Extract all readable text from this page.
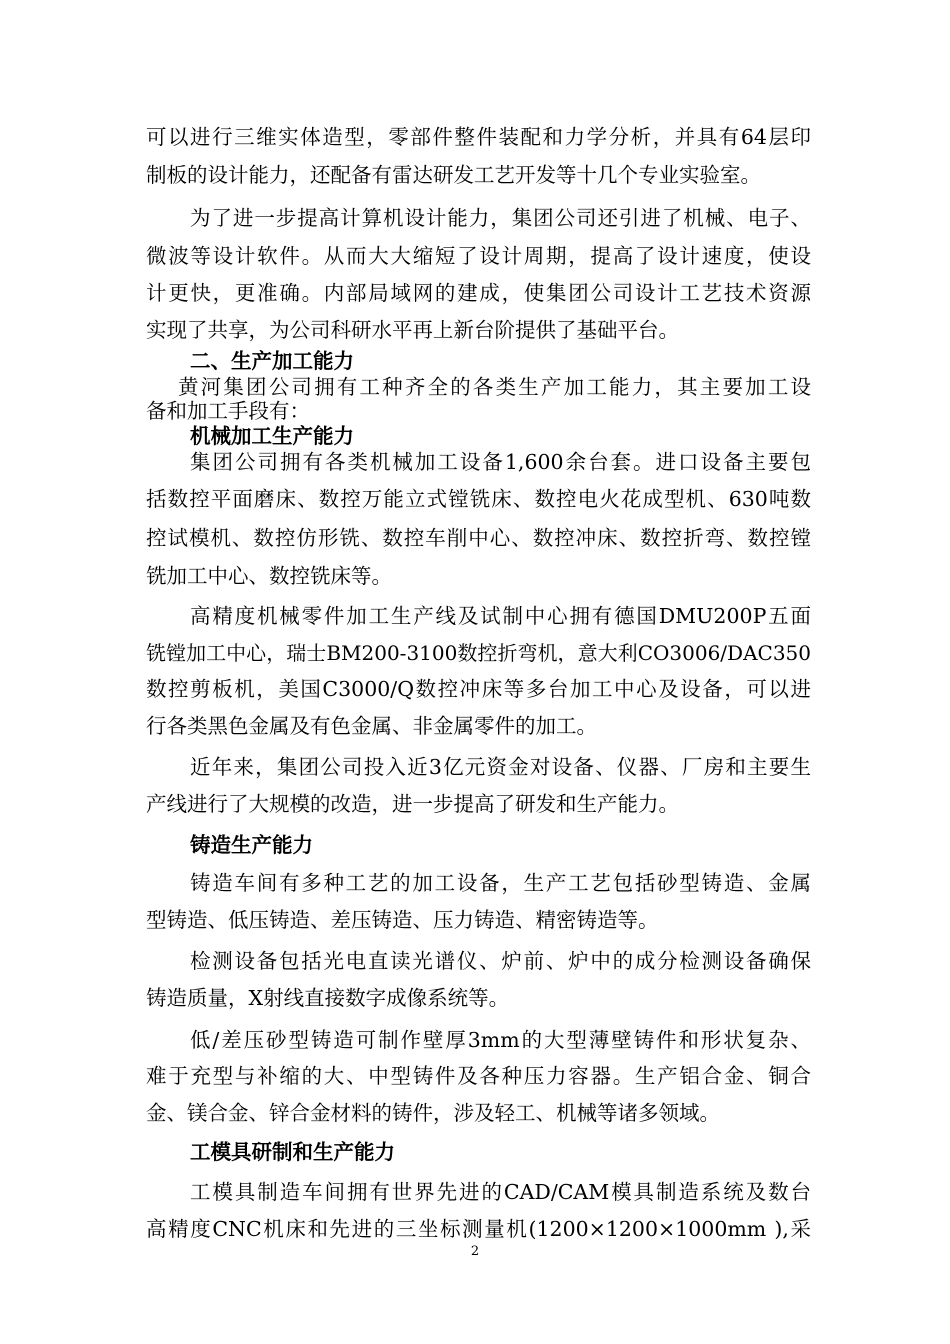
可以进行三维实体造型，零部件整件装配和力学分析，并具有64层印
制板的设计能力，还配备有雷达研发工艺开发等十几个专业实验室。
为了进一步提高计算机设计能力，集团公司还引进了机械、电子、
微波等设计软件。从而大大缩短了设计周期，提高了设计速度，使设
计更快，更准确。内部局域网的建成，使集团公司设计工艺技术资源
实现了共享，为公司科研水平再上新台阶提供了基础平台。
二、生产加工能力
黄河集团公司拥有工种齐全的各类生产加工能力，其主要加工设
备和加工手段有：
机械加工生产能力
集团公司拥有各类机械加工设备1,600余台套。进口设备主要包
括数控平面磨床、数控万能立式镗铣床、数控电火花成型机、630吨数
控试模机、数控仿形铣、数控车削中心、数控冲床、数控折弯、数控镗
铣加工中心、数控铣床等。
高精度机械零件加工生产线及试制中心拥有德国DMU200P五面
铣镗加工中心，瑞士BM200-3100数控折弯机，意大利CO3006/DAC350
数控剪板机，美国C3000/Q数控冲床等多台加工中心及设备，可以进
行各类黑色金属及有色金属、非金属零件的加工。
近年来，集团公司投入近3亿元资金对设备、仪器、厂房和主要生
产线进行了大规模的改造，进一步提高了研发和生产能力。
铸造生产能力
铸造车间有多种工艺的加工设备，生产工艺包括砂型铸造、金属
型铸造、低压铸造、差压铸造、压力铸造、精密铸造等。
检测设备包括光电直读光谱仪、炉前、炉中的成分检测设备确保
铸造质量，X射线直接数字成像系统等。
低/差压砂型铸造可制作壁厚3mm的大型薄壁铸件和形状复杂、
难于充型与补缩的大、中型铸件及各种压力容器。生产铝合金、铜合
金、镁合金、锌合金材料的铸件，涉及轻工、机械等诸多领域。
工模具研制和生产能力
工模具制造车间拥有世界先进的CAD/CAM模具制造系统及数台
高精度CNC机床和先进的三坐标测量机(1200×1200×1000mm ),采
2
